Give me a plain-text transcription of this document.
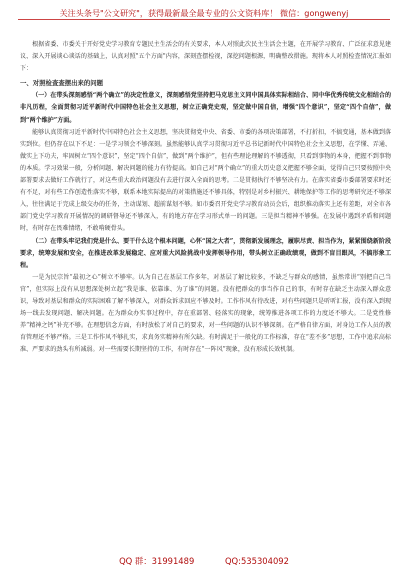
关注头条号"公文研究"，获得最新最全最专业的公文资料库！ 微信：gongwenyj

根据省委、市委关于开好党史学习教育专题民主生活会的有关要求，本人对照此次民主生活会主题，在开展学习教育、广泛征求意见建议、深入开展谈心谈话的基础上，认真对照"五个方面"内容，深刻查摆检视，深挖问题根源，明确整改措施。现将本人对照检查情况汇报如下：

一、对照检查查摆出来的问题

（一）在带头深刻感悟“两个确立”的决定性意义，深刻感悟党坚持把马克思主义同中国具体实际相结合、同中华优秀传统文化相结合的非凡历程，全面贯彻习近平新时代中国特色社会主义思想，树立正确党史观，坚定做中国自信，增强“四个意识”，坚定“四个自信”，做到“两个维护”方面。

能够认真贯彻习近平新时代中国特色社会主义思想，坚决贯彻党中央、省委、市委的各项决策部署，不打折扣，不搞变通，基本做到落实到位。但仍存在以下不足：一是学习领会不够深刻。虽然能够认真学习贯彻习近平总书记新时代中国特色社会主义思想，在学懂、弄通、做实上下功夫，牢固树立“四个意识”，坚定“四个自信”，做到“两个维护”，但有些理论理解的不够透彻，只看到事物的本身，把握不到事物的本质。学习效果一般，分析问题、解决问题的能力有待提高。如自己对“两个确立”的重大历史意义把握不够全面，觉得自己只要按照中央部署要求去做好工作就行了，对这些重大政治问题没有去进行深入全面的思考。二是贯彻执行不够坚决有力。在落实省委市委部署要求时还有不足，对有些工作创造性落实不够，联系本地实际提出的对策措施还不够具体，特别是对乡村振兴、耕地保护等工作的思考研究还不够深入，往往满足于完成上级交办的任务，主动谋划、超前谋划不够。如市委召开党史学习教育动员会后，组织推动落实上还有差距，对全市各部门党史学习教育开展情况的调研督导还不够深入，有的地方存在学习形式单一的问题。三是担当精神不够强。在发展中遇到矛盾和问题时，有时存在畏难情绪，不敢啃硬骨头。

（二）在带头牢记我们党是什么、要干什么这个根本问题，心怀“国之大者”，贯彻新发展理念，履职尽责、担当作为，紧紧围绕新阶段要求，统筹发展和安全，在推进改革发展稳定、应对重大风险挑战中发挥领导作用，带头树立正确政绩观，做到不盲目跟风，不搞形象工程。

一是为民宗旨“最初之心”树立不够牢。认为自己在基层工作多年，对基层了解比较多，不缺乏与群众的感情，虽然常讲“别把自己当官”，但实际上没有从思想深处树立起“我是谁、依靠谁、为了谁”的问题。没有把群众的事当作自己的事，有时存在缺乏主动深入群众意识，导致对基层和群众的实际困难了解不够深入，对群众诉求回应不够及时。工作作风有待改进，对有些问题只是听听汇报，没有深入到现场一线去发现问题、解决问题。在为群众办实事过程中，存在重部署、轻落实的现象，统筹推进各项工作的力度还不够大。二是党性修养“精神之钙”补充不够。在理想信念方面，有时放松了对自己的要求，对一些问题的认识不够深刻。在严格自律方面，对身边工作人员的教育管理还不够严格。三是工作作风不够扎实，求真务实精神有所欠缺。有时满足于一般化的工作标准，存在“差不多”思想，工作中追求高标准、严要求的劲头有所减弱。对一些需要长期坚持的工作，有时存在“一阵风”现象，没有形成长效机制。

QQ 群：31991489	QQ:535304092
